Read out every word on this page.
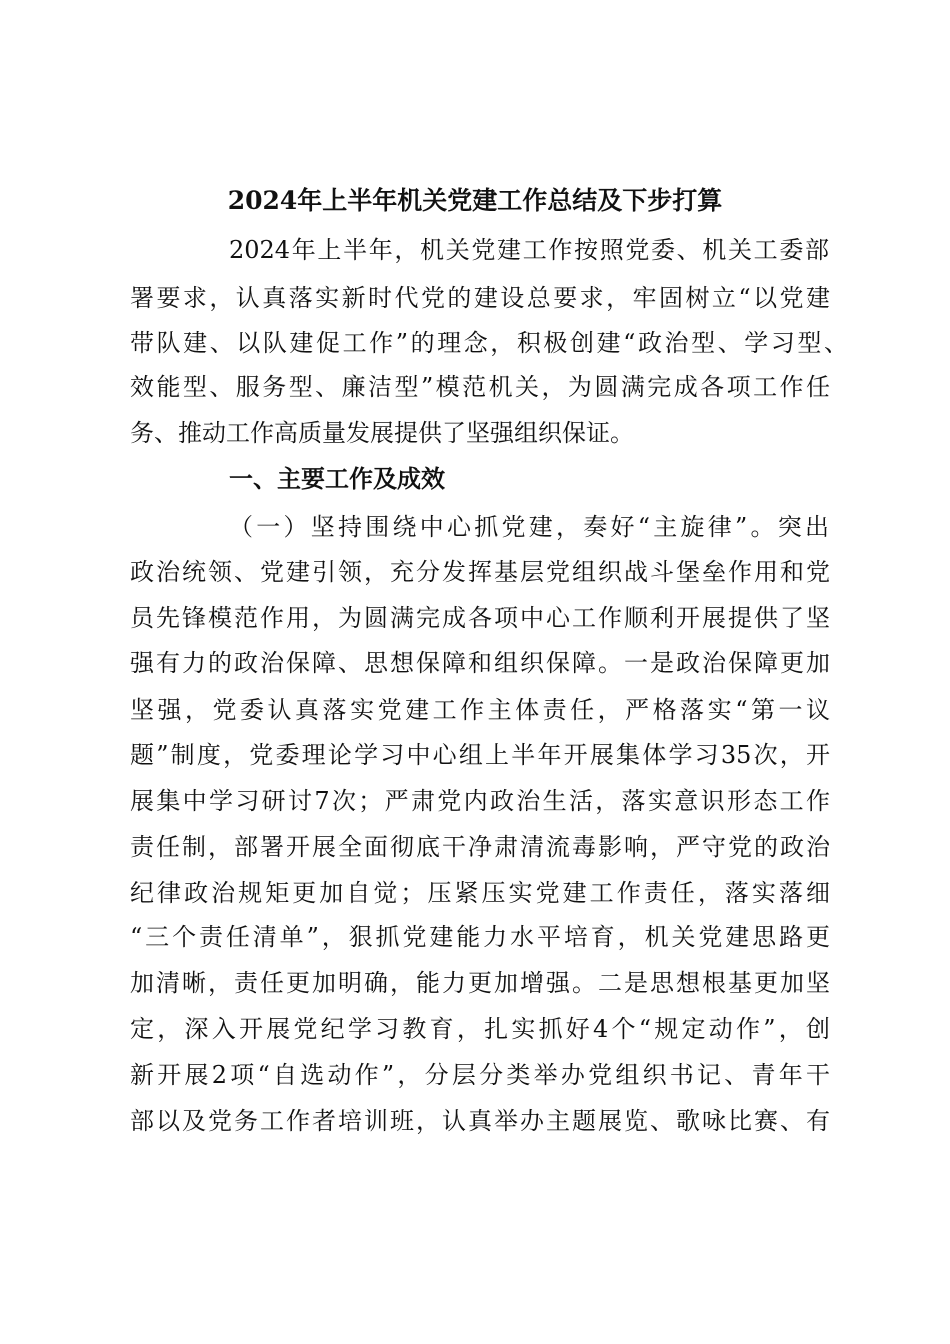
2024年上半年机关党建工作总结及下步打算
2024年上半年，机关党建工作按照党委、机关工委部
署要求，认真落实新时代党的建设总要求，牢固树立“以党建
带队建、以队建促工作”的理念，积极创建“政治型、学习型、
效能型、服务型、廉洁型”模范机关，为圆满完成各项工作任
务、推动工作高质量发展提供了坚强组织保证。
一、主要工作及成效
（一）坚持围绕中心抓党建，奏好“主旋律”。突出
政治统领、党建引领，充分发挥基层党组织战斗堡垒作用和党
员先锋模范作用，为圆满完成各项中心工作顺利开展提供了坚
强有力的政治保障、思想保障和组织保障。一是政治保障更加
坚强，党委认真落实党建工作主体责任，严格落实“第一议
题”制度，党委理论学习中心组上半年开展集体学习35次，开
展集中学习研讨7次；严肃党内政治生活，落实意识形态工作
责任制，部署开展全面彻底干净肃清流毒影响，严守党的政治
纪律政治规矩更加自觉；压紧压实党建工作责任，落实落细
“三个责任清单”，狠抓党建能力水平培育，机关党建思路更
加清晰，责任更加明确，能力更加增强。二是思想根基更加坚
定，深入开展党纪学习教育，扎实抓好4个“规定动作”，创
新开展2项“自选动作”，分层分类举办党组织书记、青年干
部以及党务工作者培训班，认真举办主题展览、歌咏比赛、有
